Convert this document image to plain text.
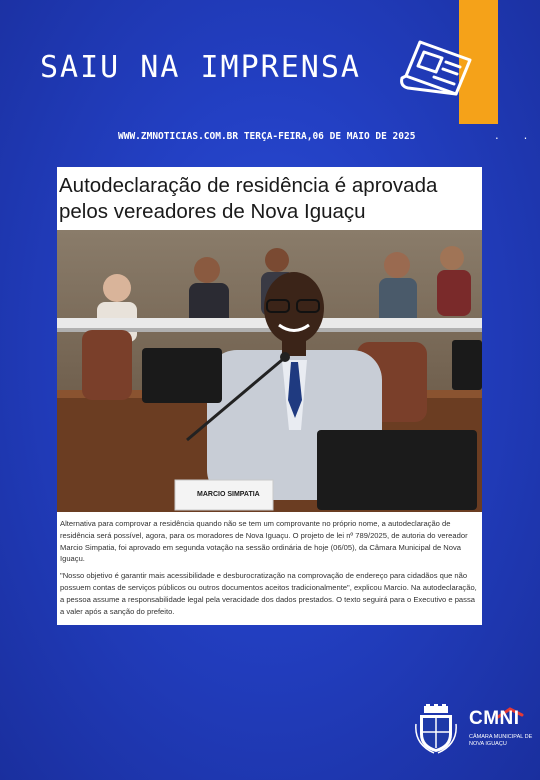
SAIU NA IMPRENSA
WWW.ZMNOTICIAS.COM.BR TERÇA-FEIRA,06 DE MAIO DE 2025	.    .
Autodeclaração de residência é aprovada pelos vereadores de Nova Iguaçu
MARCIO SIMPATIA

Alternativa para comprovar a residência quando não se tem um comprovante no próprio nome, a autodeclaração de residência será possível, agora, para os moradores de Nova Iguaçu. O projeto de lei nº 789/2025, de autoria do vereador Marcio Simpatia, foi aprovado em segunda votação na sessão ordinária de hoje (06/05), da Câmara Municipal de Nova Iguaçu.

"Nosso objetivo é garantir mais acessibilidade e desburocratização na comprovação de endereço para cidadãos que não possuem contas de serviços públicos ou outros documentos aceitos tradicionalmente", explicou Marcio. Na autodeclaração, a pessoa assume a responsabilidade legal pela veracidade dos dados prestados. O texto seguirá para o Executivo e passa a valer após a sanção do prefeito.

CMNI
CÂMARA MUNICIPAL DE NOVA IGUAÇU
